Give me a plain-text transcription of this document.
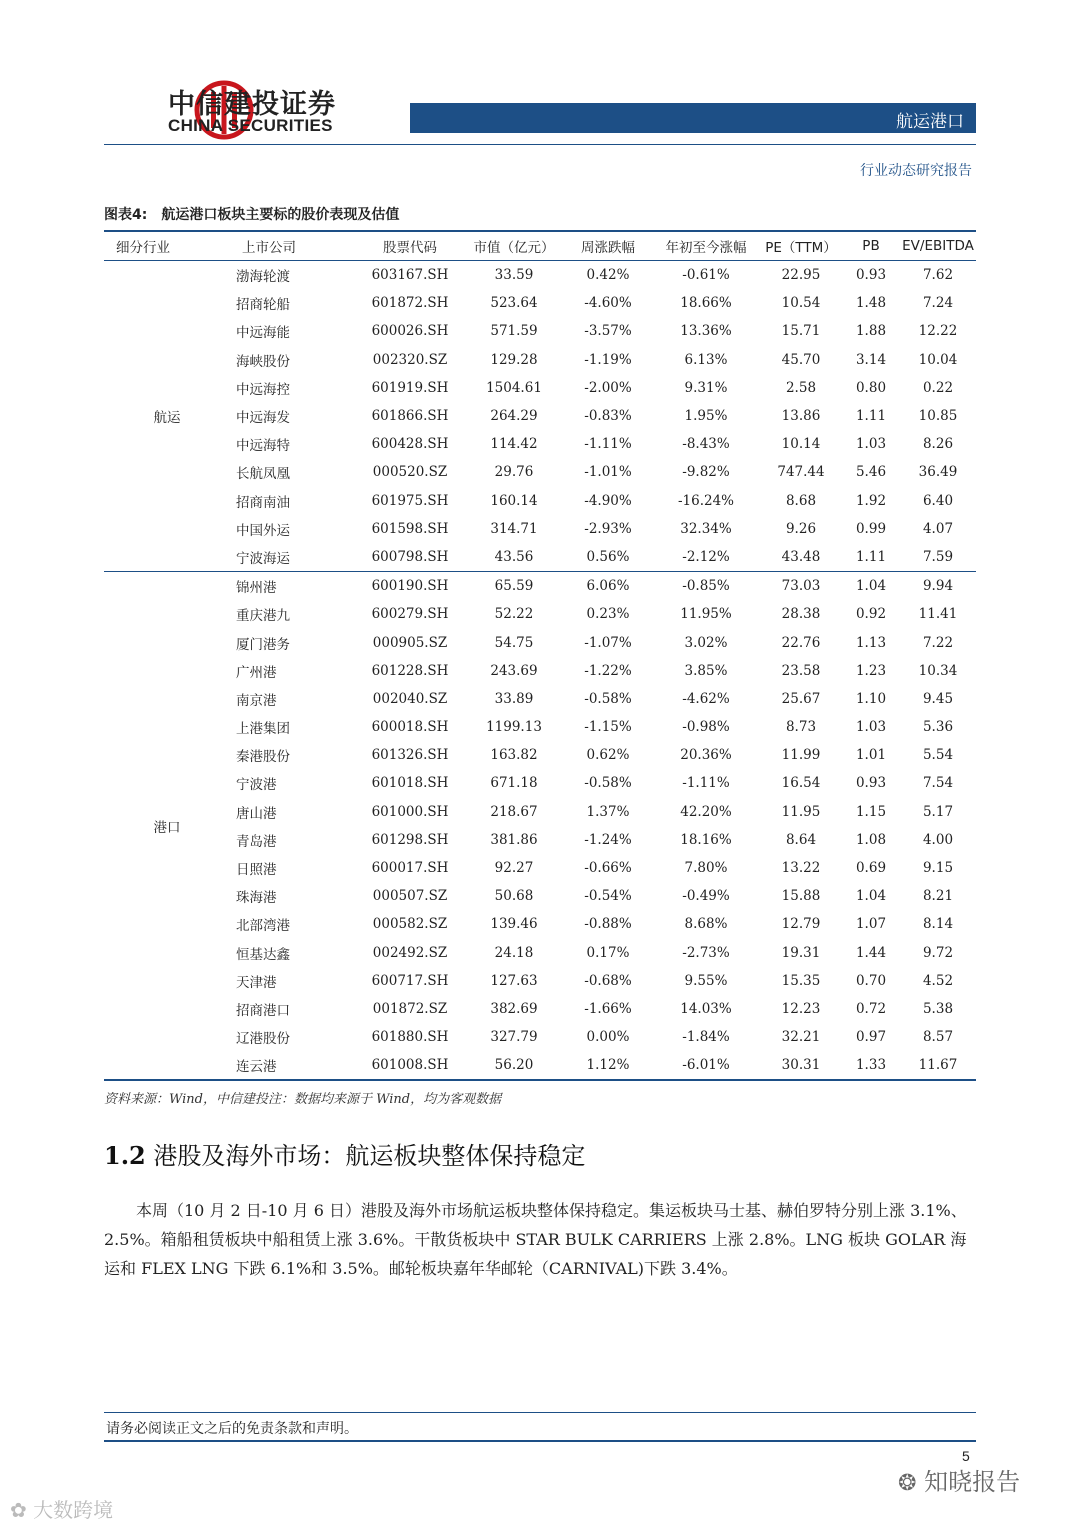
中信建投证券
CHINA SECURITIES	航运港口
行业动态研究报告
图表4: 航运港口板块主要标的股价表现及估值
细分行业	上市公司	股票代码	市值（亿元）	周涨跌幅	年初至今涨幅	PE（TTM）	PB	EV/EBITDA
航运	渤海轮渡	603167.SH	33.59	0.42%	-0.61%	22.95	0.93	7.62
	招商轮船	601872.SH	523.64	-4.60%	18.66%	10.54	1.48	7.24
	中远海能	600026.SH	571.59	-3.57%	13.36%	15.71	1.88	12.22
	海峡股份	002320.SZ	129.28	-1.19%	6.13%	45.70	3.14	10.04
	中远海控	601919.SH	1504.61	-2.00%	9.31%	2.58	0.80	0.22
	中远海发	601866.SH	264.29	-0.83%	1.95%	13.86	1.11	10.85
	中远海特	600428.SH	114.42	-1.11%	-8.43%	10.14	1.03	8.26
	长航凤凰	000520.SZ	29.76	-1.01%	-9.82%	747.44	5.46	36.49
	招商南油	601975.SH	160.14	-4.90%	-16.24%	8.68	1.92	6.40
	中国外运	601598.SH	314.71	-2.93%	32.34%	9.26	0.99	4.07
	宁波海运	600798.SH	43.56	0.56%	-2.12%	43.48	1.11	7.59
港口	锦州港	600190.SH	65.59	6.06%	-0.85%	73.03	1.04	9.94
	重庆港九	600279.SH	52.22	0.23%	11.95%	28.38	0.92	11.41
	厦门港务	000905.SZ	54.75	-1.07%	3.02%	22.76	1.13	7.22
	广州港	601228.SH	243.69	-1.22%	3.85%	23.58	1.23	10.34
	南京港	002040.SZ	33.89	-0.58%	-4.62%	25.67	1.10	9.45
	上港集团	600018.SH	1199.13	-1.15%	-0.98%	8.73	1.03	5.36
	秦港股份	601326.SH	163.82	0.62%	20.36%	11.99	1.01	5.54
	宁波港	601018.SH	671.18	-0.58%	-1.11%	16.54	0.93	7.54
	唐山港	601000.SH	218.67	1.37%	42.20%	11.95	1.15	5.17
	青岛港	601298.SH	381.86	-1.24%	18.16%	8.64	1.08	4.00
	日照港	600017.SH	92.27	-0.66%	7.80%	13.22	0.69	9.15
	珠海港	000507.SZ	50.68	-0.54%	-0.49%	15.88	1.04	8.21
	北部湾港	000582.SZ	139.46	-0.88%	8.68%	12.79	1.07	8.14
	恒基达鑫	002492.SZ	24.18	0.17%	-2.73%	19.31	1.44	9.72
	天津港	600717.SH	127.63	-0.68%	9.55%	15.35	0.70	4.52
	招商港口	001872.SZ	382.69	-1.66%	14.03%	12.23	0.72	5.38
	辽港股份	601880.SH	327.79	0.00%	-1.84%	32.21	0.97	8.57
	连云港	601008.SH	56.20	1.12%	-6.01%	30.31	1.33	11.67
资料来源：Wind，中信建投注：数据均来源于 Wind，均为客观数据
1.2 港股及海外市场：航运板块整体保持稳定
本周（10 月 2 日-10 月 6 日）港股及海外市场航运板块整体保持稳定。集运板块马士基、赫伯罗特分别上涨 3.1%、2.5%。箱船租赁板块中船租赁上涨 3.6%。干散货板块中 STAR BULK CARRIERS 上涨 2.8%。LNG 板块 GOLAR 海运和 FLEX LNG 下跌 6.1%和 3.5%。邮轮板块嘉年华邮轮（CARNIVAL)下跌 3.4%。
请务必阅读正文之后的免责条款和声明。
5
❂ 知晓报告
✿ 大数跨境
